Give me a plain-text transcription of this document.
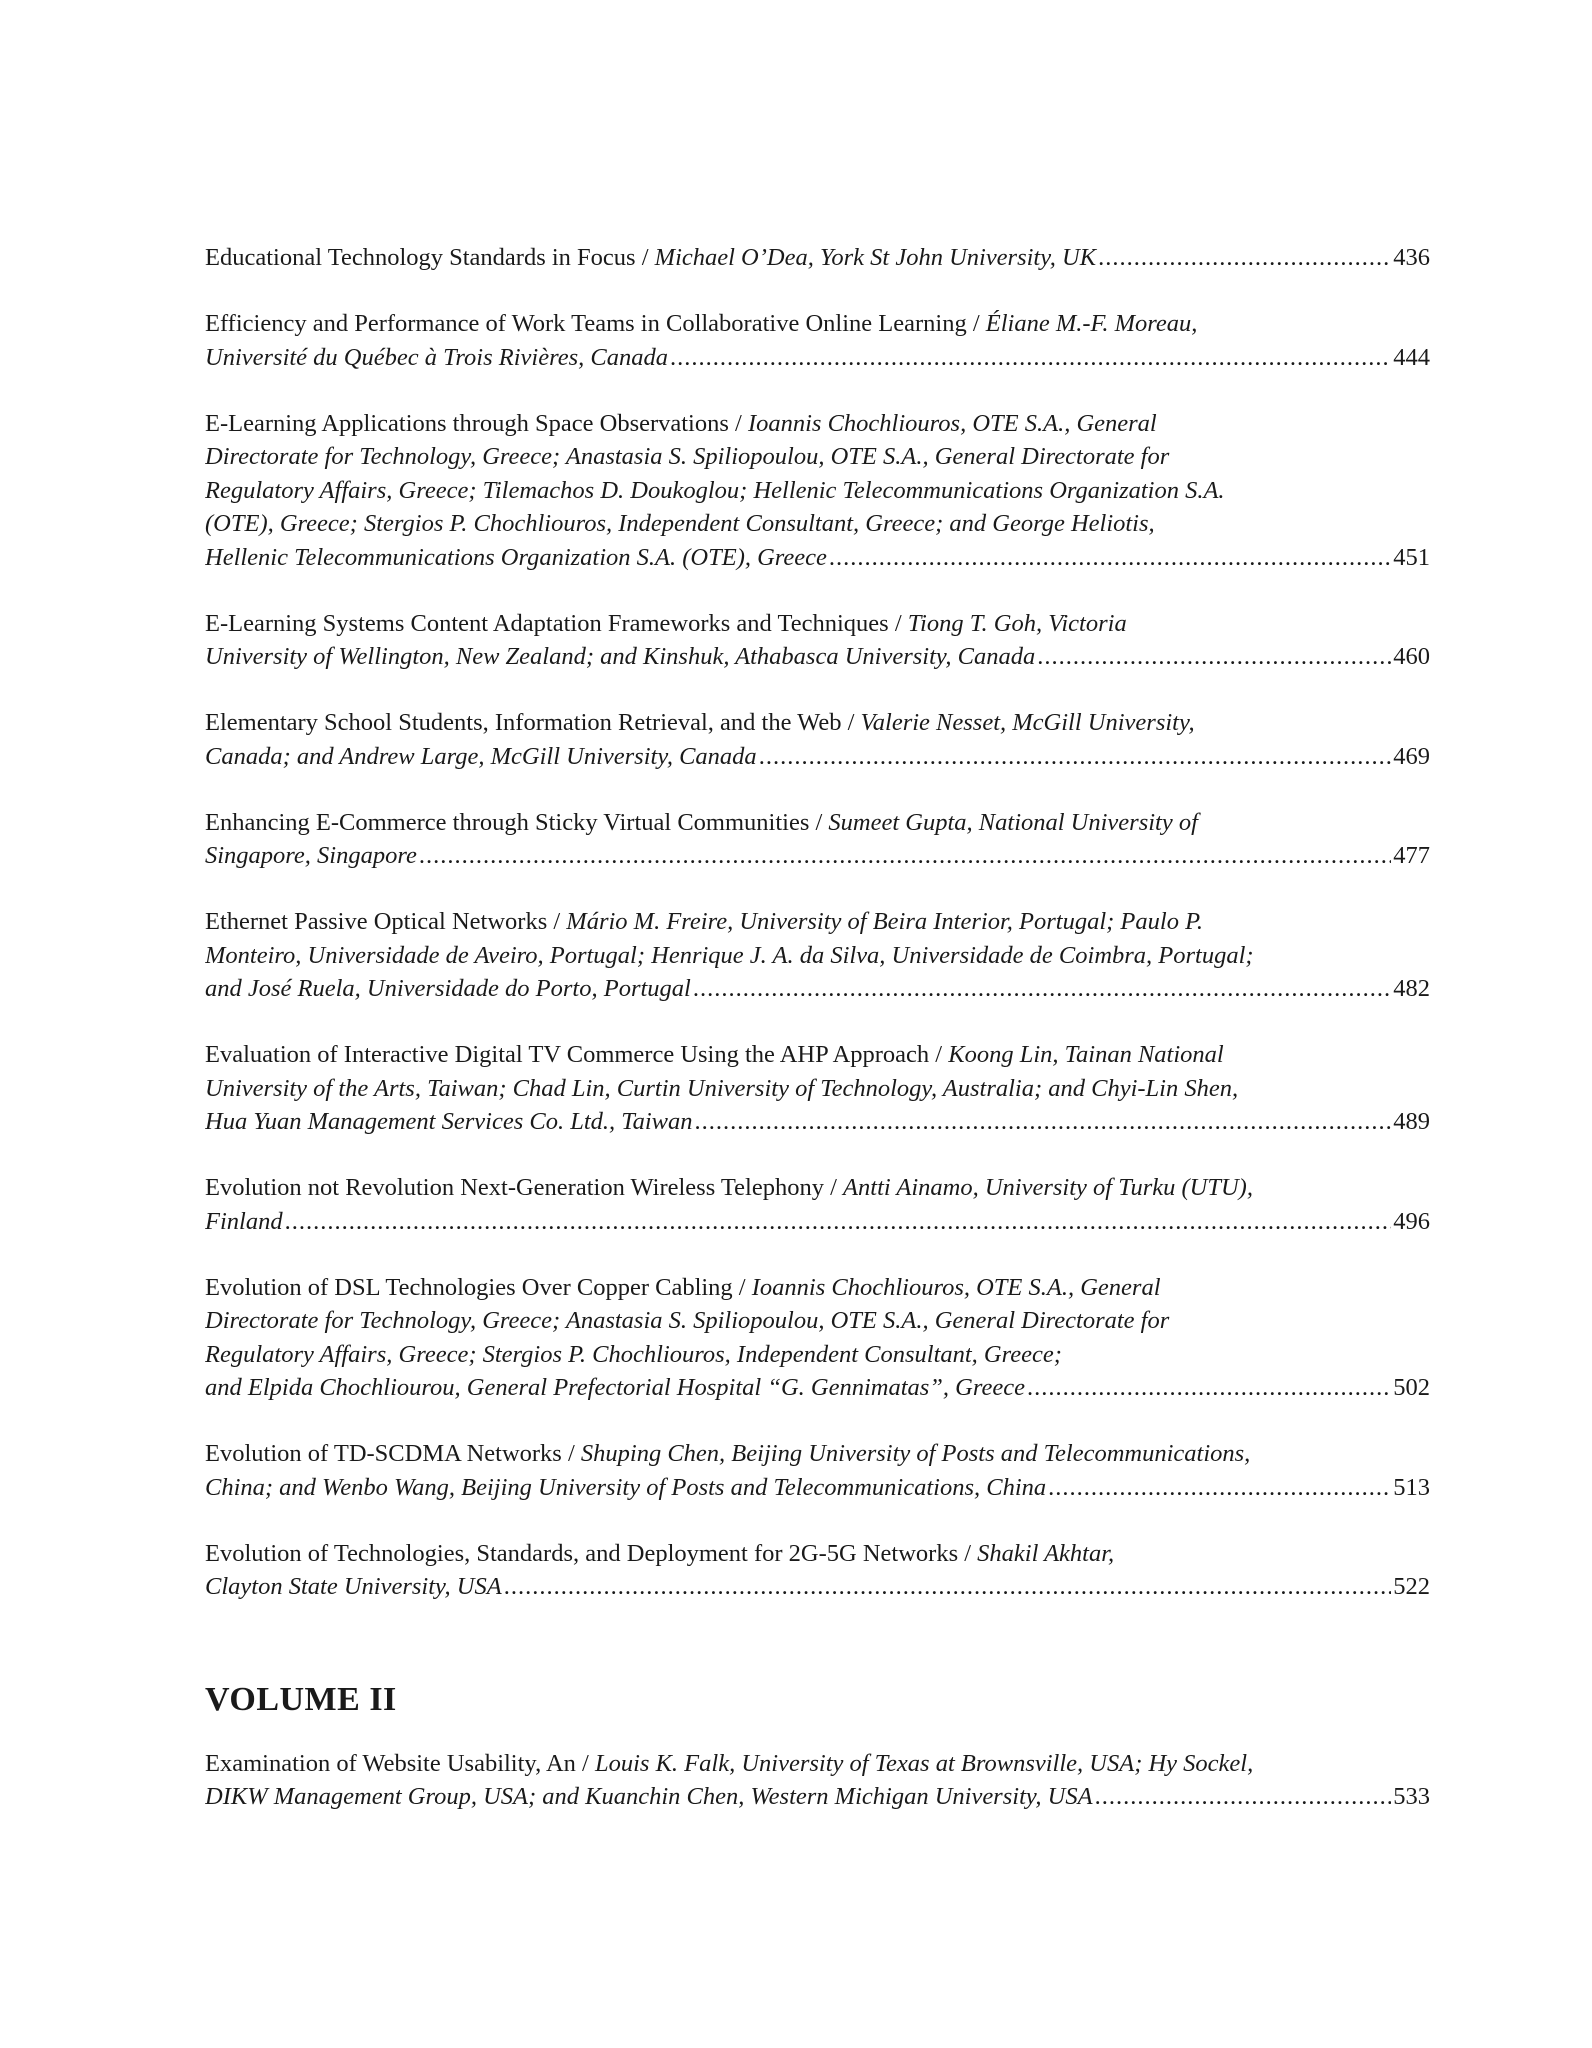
Educational Technology Standards in Focus / Michael O’Dea, York St John University, UK .....	436
Efficiency and Performance of Work Teams in Collaborative Online Learning / Éliane M.-F. Moreau,
Université du Québec à Trois Rivières, Canada .....	444
E-Learning Applications through Space Observations / Ioannis Chochliouros, OTE S.A., General
Directorate for Technology, Greece; Anastasia S. Spiliopoulou, OTE S.A., General Directorate for
Regulatory Affairs, Greece; Tilemachos D. Doukoglou; Hellenic Telecommunications Organization S.A.
(OTE), Greece; Stergios P. Chochliouros, Independent Consultant, Greece; and George Heliotis,
Hellenic Telecommunications Organization S.A. (OTE), Greece .....	451
E-Learning Systems Content Adaptation Frameworks and Techniques / Tiong T. Goh, Victoria
University of Wellington, New Zealand; and Kinshuk, Athabasca University, Canada .....	460
Elementary School Students, Information Retrieval, and the Web / Valerie Nesset, McGill University,
Canada; and Andrew Large, McGill University, Canada .....	469
Enhancing E-Commerce through Sticky Virtual Communities / Sumeet Gupta, National University of
Singapore, Singapore .....	477
Ethernet Passive Optical Networks / Mário M. Freire, University of Beira Interior, Portugal; Paulo P.
Monteiro, Universidade de Aveiro, Portugal; Henrique J. A. da Silva, Universidade de Coimbra, Portugal;
and José Ruela, Universidade do Porto, Portugal .....	482
Evaluation of Interactive Digital TV Commerce Using the AHP Approach / Koong Lin, Tainan National
University of the Arts, Taiwan; Chad Lin, Curtin University of Technology, Australia; and Chyi-Lin Shen,
Hua Yuan Management Services Co. Ltd., Taiwan .....	489
Evolution not Revolution Next-Generation Wireless Telephony / Antti Ainamo, University of Turku (UTU),
Finland .....	496
Evolution of DSL Technologies Over Copper Cabling / Ioannis Chochliouros, OTE S.A., General
Directorate for Technology, Greece; Anastasia S. Spiliopoulou, OTE S.A., General Directorate for
Regulatory Affairs, Greece; Stergios P. Chochliouros, Independent Consultant, Greece;
and Elpida Chochliourou, General Prefectorial Hospital “G. Gennimatas”, Greece .....	502
Evolution of TD-SCDMA Networks / Shuping Chen, Beijing University of Posts and Telecommunications,
China; and Wenbo Wang, Beijing University of Posts and Telecommunications, China .....	513
Evolution of Technologies, Standards, and Deployment for 2G-5G Networks / Shakil Akhtar,
Clayton State University, USA .....	522
VOLUME II
Examination of Website Usability, An / Louis K. Falk, University of Texas at Brownsville, USA; Hy Sockel,
DIKW Management Group, USA; and Kuanchin Chen, Western Michigan University, USA .....	533
